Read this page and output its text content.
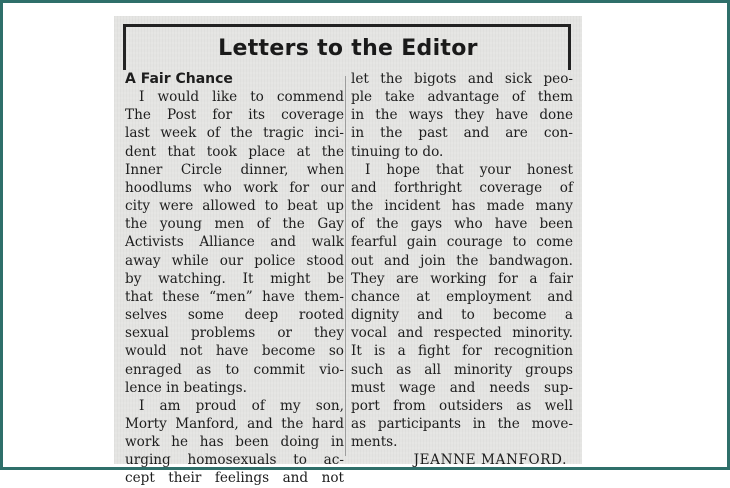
Letters to the Editor
A Fair Chance
I would like to commend
The Post for its coverage
last week of the tragic inci-
dent that took place at the
Inner Circle dinner, when
hoodlums who work for our
city were allowed to beat up
the young men of the Gay
Activists Alliance and walk
away while our police stood
by watching. It might be
that these “men” have them-
selves some deep rooted
sexual problems or they
would not have become so
enraged as to commit vio-
lence in beatings.
I am proud of my son,
Morty Manford, and the hard
work he has been doing in
urging homosexuals to ac-
cept their feelings and not
let the bigots and sick peo-
ple take advantage of them
in the ways they have done
in the past and are con-
tinuing to do.
I hope that your honest
and forthright coverage of
the incident has made many
of the gays who have been
fearful gain courage to come
out and join the bandwagon.
They are working for a fair
chance at employment and
dignity and to become a
vocal and respected minority.
It is a fight for recognition
such as all minority groups
must wage and needs sup-
port from outsiders as well
as participants in the move-
ments.
JEANNE MANFORD.
